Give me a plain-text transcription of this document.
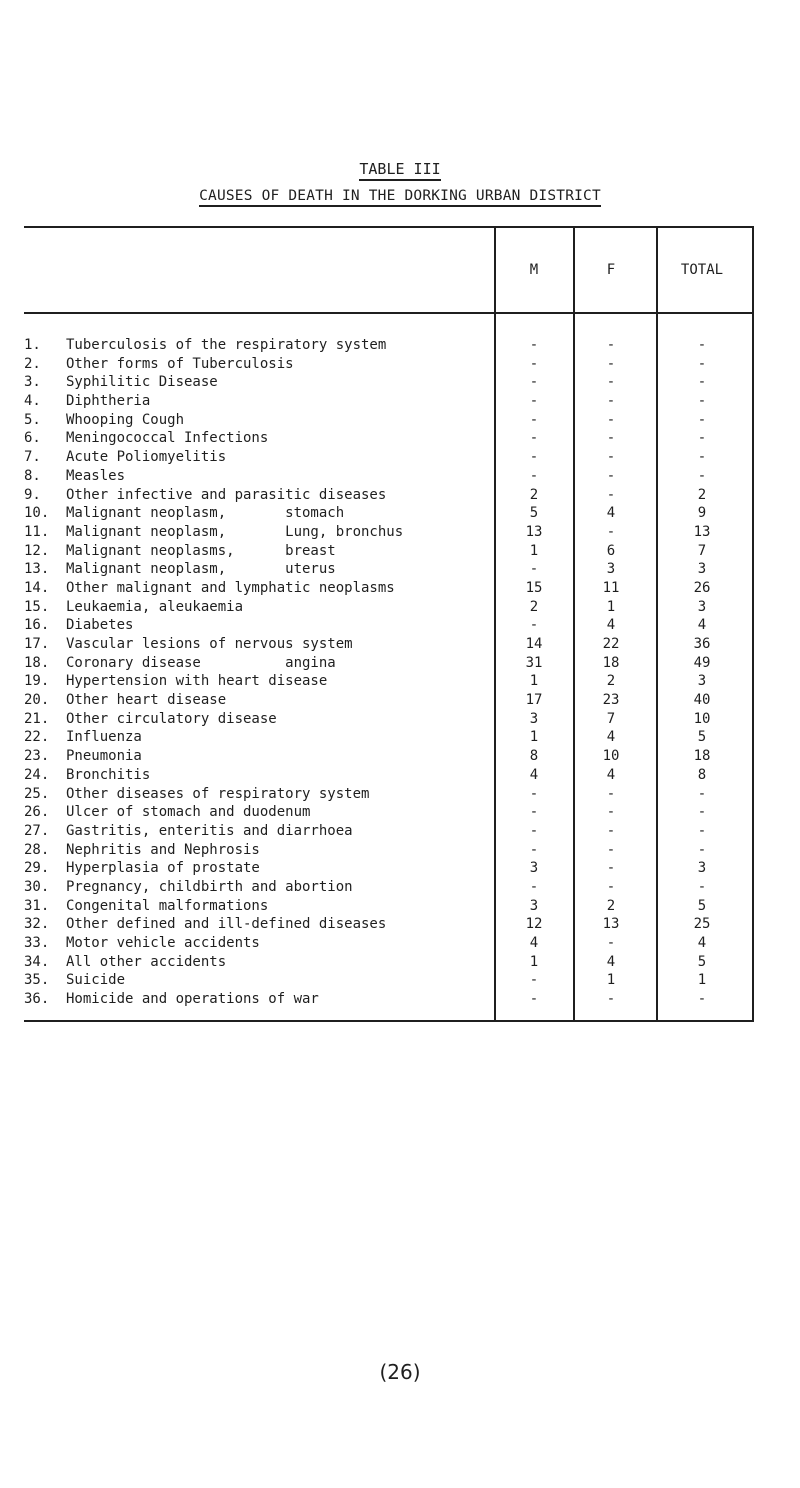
TABLE III
CAUSES OF DEATH IN THE DORKING URBAN DISTRICT
M	F	TOTAL
1.	Tuberculosis of the respiratory system	-	-	-
2.	Other forms of Tuberculosis	-	-	-
3.	Syphilitic Disease	-	-	-
4.	Diphtheria	-	-	-
5.	Whooping Cough	-	-	-
6.	Meningococcal Infections	-	-	-
7.	Acute Poliomyelitis	-	-	-
8.	Measles	-	-	-
9.	Other infective and parasitic diseases	2	-	2
10.	Malignant neoplasm,       stomach	5	4	9
11.	Malignant neoplasm,       Lung, bronchus	13	-	13
12.	Malignant neoplasms,      breast	1	6	7
13.	Malignant neoplasm,       uterus	-	3	3
14.	Other malignant and lymphatic neoplasms	15	11	26
15.	Leukaemia, aleukaemia	2	1	3
16.	Diabetes	-	4	4
17.	Vascular lesions of nervous system	14	22	36
18.	Coronary disease          angina	31	18	49
19.	Hypertension with heart disease	1	2	3
20.	Other heart disease	17	23	40
21.	Other circulatory disease	3	7	10
22.	Influenza	1	4	5
23.	Pneumonia	8	10	18
24.	Bronchitis	4	4	8
25.	Other diseases of respiratory system	-	-	-
26.	Ulcer of stomach and duodenum	-	-	-
27.	Gastritis, enteritis and diarrhoea	-	-	-
28.	Nephritis and Nephrosis	-	-	-
29.	Hyperplasia of prostate	3	-	3
30.	Pregnancy, childbirth and abortion	-	-	-
31.	Congenital malformations	3	2	5
32.	Other defined and ill-defined diseases	12	13	25
33.	Motor vehicle accidents	4	-	4
34.	All other accidents	1	4	5
35.	Suicide	-	1	1
36.	Homicide and operations of war	-	-	-
(26)
